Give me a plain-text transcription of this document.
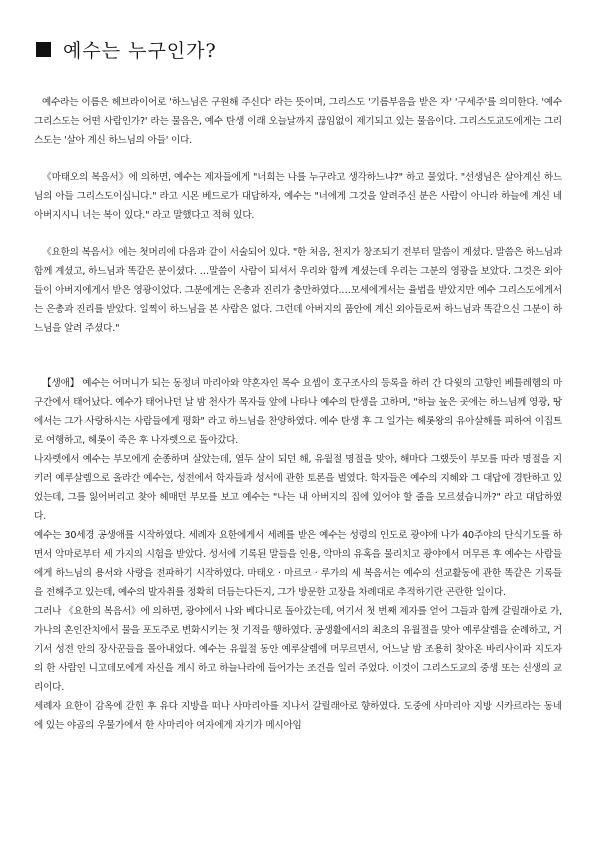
예수는 누구인가?

예수라는 이름은 헤브라이어로 '하느님은 구원해 주신다' 라는 뜻이며, 그리스도 '기름부음을 받은 자' '구세주'를 의미한다. '예수 그리스도는 어떤 사람인가?' 라는 물음은, 예수 탄생 이래 오늘날까지 끊임없이 제기되고 있는 물음이다. 그리스도교도에게는 그리스도는 '살아 계신 하느님의 아들' 이다.

《마태오의 복음서》에 의하면, 예수는 제자들에게 "너희는 나를 누구라고 생각하느냐?" 하고 물었다. "선생님은 살아계신 하느님의 아들 그리스도이십니다." 라고 시몬 베드로가 대답하자, 예수는 "너에게 그것을 알려주신 분은 사람이 아니라 하늘에 계신 네 아버지시니 너는 복이 있다." 라고 말했다고 적혀 있다.

《요한의 복음서》에는 첫머리에 다음과 같이 서술되어 있다. "한 처음, 천지가 창조되기 전부터 말씀이 계셨다. 말씀은 하느님과 함께 계셨고, 하느님과 똑같은 분이셨다. …말씀이 사람이 되셔서 우리와 함께 계셨는데 우리는 그분의 영광을 보았다. 그것은 외아들이 아버지에게서 받은 영광이었다. 그분에게는 은총과 진리가 충만하였다.…모세에게서는 율법을 받았지만 예수 그리스도에게서는 은총과 진리를 받았다. 일찍이 하느님을 본 사람은 없다. 그런데 아버지의 품안에 계신 외아들로써 하느님과 똑같으신 그분이 하느님을 알려 주셨다."

【생애】 예수는 어머니가 되는 동정녀 마리아와 약혼자인 목수 요셉이 호구조사의 등록을 하러 간 다윗의 고향인 베틀레헴의 마구간에서 태어났다. 예수가 태어나던 날 밤 천사가 목자들 앞에 나타나 예수의 탄생을 고하며, "하늘 높은 곳에는 하느님께 영광, 땅에서는 그가 사랑하시는 사람들에게 평화" 라고 하느님을 찬양하였다. 예수 탄생 후 그 일가는 헤롯왕의 유아살해를 피하여 이집트로 여행하고, 헤롯이 죽은 후 나자렛으로 돌아갔다.

나자렛에서 예수는 부모에게 순종하며 살았는데, 열두 살이 되던 해, 유월절 명절을 맞아, 해마다 그랬듯이 부모를 따라 명절을 지키러 예루살렘으로 올라간 예수는, 성전에서 학자들과 성서에 관한 토론을 벌였다. 학자들은 예수의 지혜와 그 대답에 경탄하고 있었는데, 그를 잃어버리고 찾아 헤매던 부모를 보고 예수는 "나는 내 아버지의 집에 있어야 할 줄을 모르셨습니까?" 라고 대답하였다.

예수는 30세경 공생애를 시작하였다. 세례자 요한에게서 세례를 받은 예수는 성령의 인도로 광야에 나가 40주야의 단식기도를 하면서 악마로부터 세 가지의 시험을 받았다. 성서에 기록된 말들을 인용, 악마의 유혹을 물리치고 광야에서 머무른 후 예수는 사람들에게 하느님의 용서와 사랑을 전파하기 시작하였다. 마태오 · 마르코 · 루가의 세 복음서는 예수의 선교활동에 관한 똑같은 기록들을 전해주고 있는데, 예수의 발자취를 정확히 더듬는다든지, 그가 방문한 고장을 차례대로 추적하기란 곤란한 일이다.

그러나 《요한의 복음서》에 의하면, 광야에서 나와 베다니로 돌아갔는데, 여기서 첫 번째 제자를 얻어 그들과 함께 갈릴래아로 가, 가나의 혼인잔치에서 물을 포도주로 변화시키는 첫 기적을 행하였다. 공생활에서의 최초의 유월절을 맞아 예루살렘을 순례하고, 거기서 성전 안의 장사꾼들을 몰아내었다. 예수는 유월절 동안 예루살렘에 머무르면서, 어느날 밤 조용히 찾아온 바리사이파 지도자의 한 사람인 니고데모에게 자신을 계시 하고 하늘나라에 들어가는 조건을 일러 주었다. 이것이 그리스도교의 중생 또는 신생의 교리이다.

세례자 요한이 감옥에 갇힌 후 유다 지방을 떠나 사마리아를 지나서 갈릴래아로 향하였다. 도중에 사마리아 지방 시카르라는 동네에 있는 야곱의 우물가에서 한 사마리아 여자에게 자기가 메시아임
